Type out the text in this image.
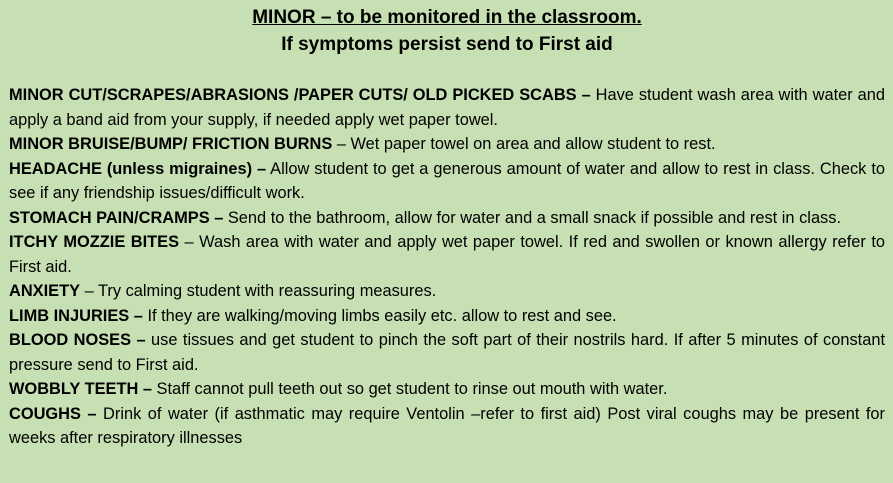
MINOR – to be monitored in the classroom.
If symptoms persist send to First aid
MINOR CUT/SCRAPES/ABRASIONS /PAPER CUTS/ OLD PICKED SCABS – Have student wash area with water and apply a band aid from your supply, if needed apply wet paper towel.
MINOR BRUISE/BUMP/ FRICTION BURNS – Wet paper towel on area and allow student to rest.
HEADACHE (unless migraines) – Allow student to get a generous amount of water and allow to rest in class. Check to see if any friendship issues/difficult work.
STOMACH PAIN/CRAMPS – Send to the bathroom, allow for water and a small snack if possible and rest in class.
ITCHY MOZZIE BITES – Wash area with water and apply wet paper towel. If red and swollen or known allergy refer to First aid.
ANXIETY – Try calming student with reassuring measures.
LIMB INJURIES – If they are walking/moving limbs easily etc. allow to rest and see.
BLOOD NOSES – use tissues and get student to pinch the soft part of their nostrils hard. If after 5 minutes of constant pressure send to First aid.
WOBBLY TEETH – Staff cannot pull teeth out so get student to rinse out mouth with water.
COUGHS – Drink of water (if asthmatic may require Ventolin –refer to first aid) Post viral coughs may be present for weeks after respiratory illnesses
